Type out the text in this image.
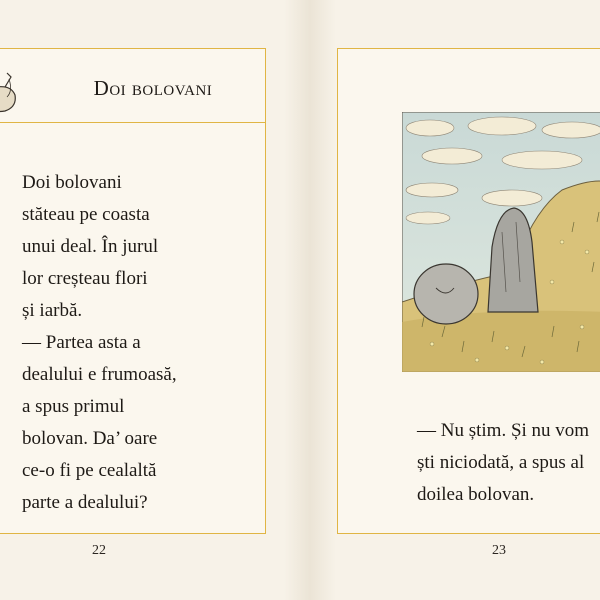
Doi bolovani
Doi bolovani
stăteau pe coasta
unui deal. În jurul
lor creșteau flori
și iarbă.
— Partea asta a
dealului e frumoasă,
a spus primul
bolovan. Da’ oare
ce-o fi pe cealaltă
parte a dealului?
— Nu știm. Și nu vom
ști niciodată, a spus al
doilea bolovan.
22	23
